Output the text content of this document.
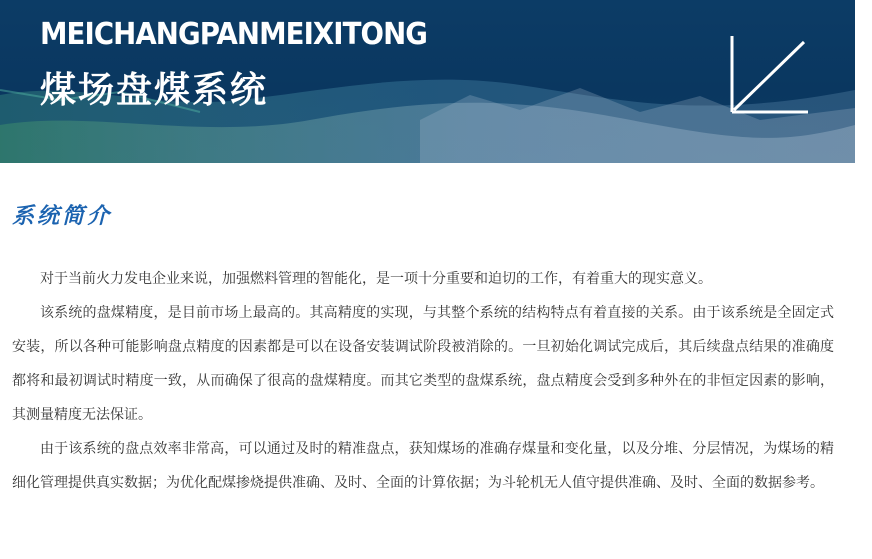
MEICHANGPANMEIXITONG
煤场盘煤系统
系统简介

对于当前火力发电企业来说，加强燃料管理的智能化，是一项十分重要和迫切的工作，有着重大的现实意义。

该系统的盘煤精度，是目前市场上最高的。其高精度的实现，与其整个系统的结构特点有着直接的关系。由于该系统是全固定式安装，所以各种可能影响盘点精度的因素都是可以在设备安装调试阶段被消除的。一旦初始化调试完成后，其后续盘点结果的准确度都将和最初调试时精度一致，从而确保了很高的盘煤精度。而其它类型的盘煤系统，盘点精度会受到多种外在的非恒定因素的影响，其测量精度无法保证。

由于该系统的盘点效率非常高，可以通过及时的精准盘点，获知煤场的准确存煤量和变化量，以及分堆、分层情况，为煤场的精细化管理提供真实数据；为优化配煤掺烧提供准确、及时、全面的计算依据；为斗轮机无人值守提供准确、及时、全面的数据参考。
